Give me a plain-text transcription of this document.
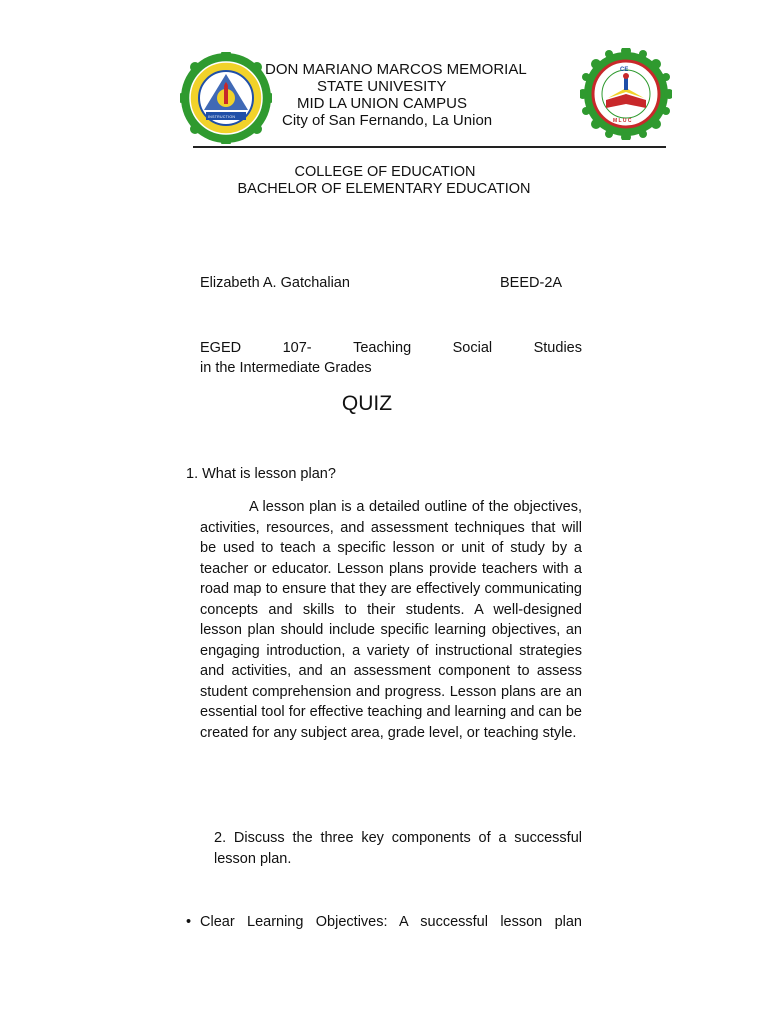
INSTRUCTION
CE
M L U C
DON MARIANO MARCOS MEMORIAL
STATE UNIVESITY
MID LA UNION CAMPUS
City of San Fernando, La Union
COLLEGE OF EDUCATION
BACHELOR OF ELEMENTARY EDUCATION
Elizabeth A. Gatchalian	BEED-2A
EGED	107-	Teaching	Social	Studies
in the Intermediate Grades
QUIZ
1. What is lesson plan?
A lesson plan is a detailed outline of the objectives, activities, resources, and assessment techniques that will be used to teach a specific lesson or unit of study by a teacher or educator. Lesson plans provide teachers with a road map to ensure that they are effectively communicating concepts and skills to their students. A well-designed lesson plan should include specific learning objectives, an engaging introduction, a variety of instructional strategies and activities, and an assessment component to assess student comprehension and progress. Lesson plans are an essential tool for effective teaching and learning and can be created for any subject area, grade level, or teaching style.
2. Discuss the three key components of a successful lesson plan.
• Clear Learning Objectives: A successful lesson plan
